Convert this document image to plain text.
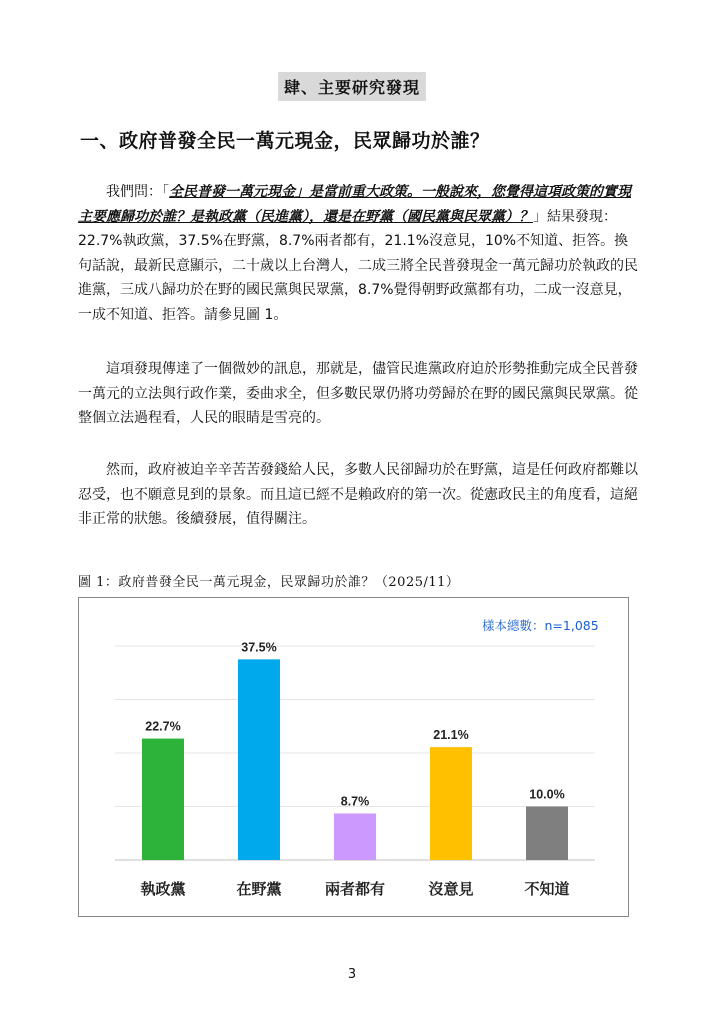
肆、主要研究發現
一、政府普發全民一萬元現金，民眾歸功於誰？

我們問：「全民普發一萬元現金」是當前重大政策。一般說來，您覺得這項政策的實現主要應歸功於誰？是執政黨（民進黨），還是在野黨（國民黨與民眾黨）？」結果發現：22.7%執政黨，37.5%在野黨，8.7%兩者都有，21.1%沒意見，10%不知道、拒答。換句話說，最新民意顯示，二十歲以上台灣人，二成三將全民普發現金一萬元歸功於執政的民進黨，三成八歸功於在野的國民黨與民眾黨，8.7%覺得朝野政黨都有功，二成一沒意見，一成不知道、拒答。請參見圖 1。

這項發現傳達了一個微妙的訊息，那就是，儘管民進黨政府迫於形勢推動完成全民普發一萬元的立法與行政作業，委曲求全，但多數民眾仍將功勞歸於在野的國民黨與民眾黨。從整個立法過程看，人民的眼睛是雪亮的。

然而，政府被迫辛辛苦苦發錢給人民，多數人民卻歸功於在野黨，這是任何政府都難以忍受，也不願意見到的景象。而且這已經不是賴政府的第一次。從憲政民主的角度看，這絕非正常的狀態。後續發展，值得關注。

圖 1：政府普發全民一萬元現金，民眾歸功於誰？（2025/11）
22.7%
執政黨
37.5%
在野黨
8.7%
兩者都有
21.1%
沒意見
10.0%
不知道
樣本總數：n=1,085
3
